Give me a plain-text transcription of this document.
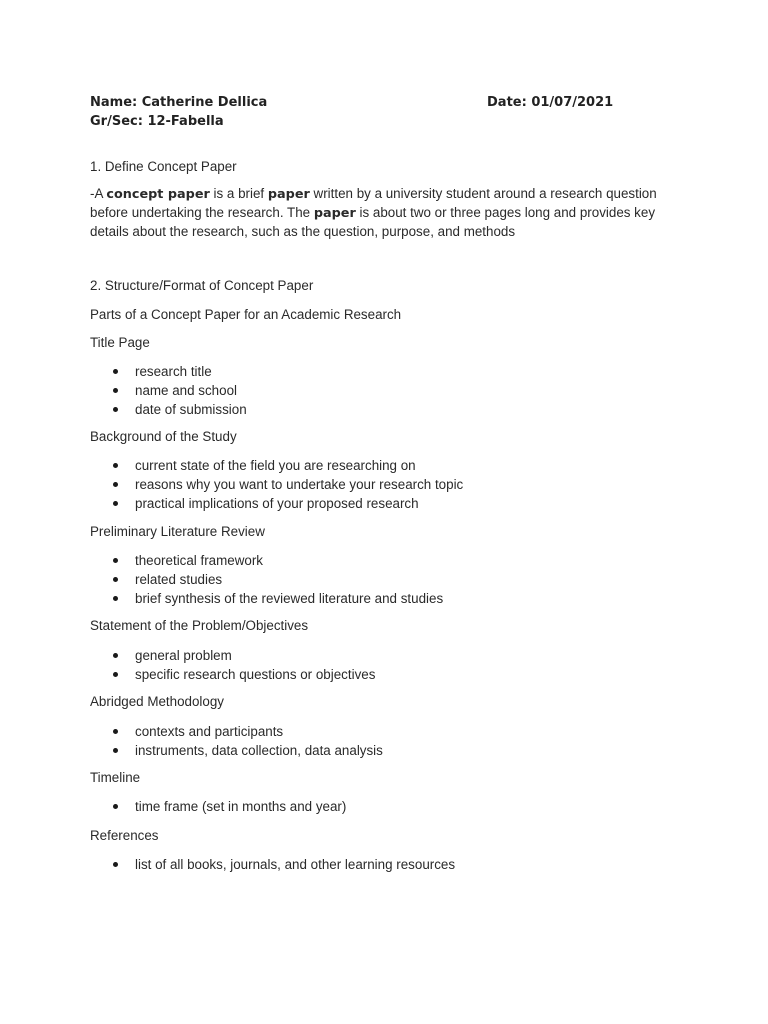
Name: Catherine Dellica	Date: 01/07/2021
Gr/Sec: 12-Fabella
1. Define Concept Paper
-A concept paper is a brief paper written by a university student around a research question before undertaking the research. The paper is about two or three pages long and provides key details about the research, such as the question, purpose, and methods
2. Structure/Format of Concept Paper
Parts of a Concept Paper for an Academic Research
Title Page
research title
name and school
date of submission
Background of the Study
current state of the field you are researching on
reasons why you want to undertake your research topic
practical implications of your proposed research
Preliminary Literature Review
theoretical framework
related studies
brief synthesis of the reviewed literature and studies
Statement of the Problem/Objectives
general problem
specific research questions or objectives
Abridged Methodology
contexts and participants
instruments, data collection, data analysis
Timeline
time frame (set in months and year)
References
list of all books, journals, and other learning resources
